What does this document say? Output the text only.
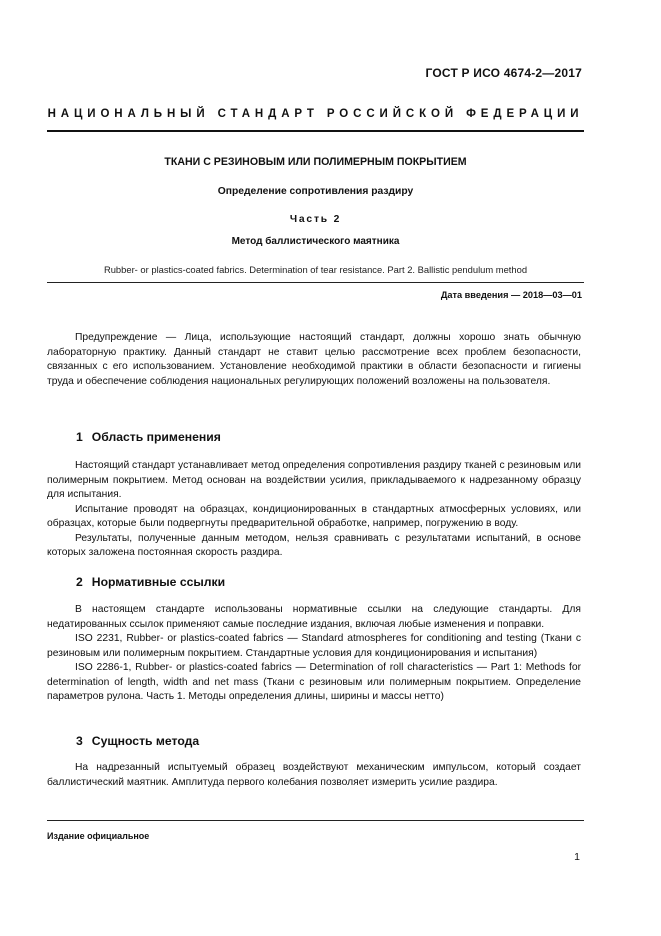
ГОСТ Р ИСО 4674-2—2017
НАЦИОНАЛЬНЫЙ СТАНДАРТ РОССИЙСКОЙ ФЕДЕРАЦИИ
ТКАНИ С РЕЗИНОВЫМ ИЛИ ПОЛИМЕРНЫМ ПОКРЫТИЕМ
Определение сопротивления раздиру
Часть 2
Метод баллистического маятника
Rubber- or plastics-coated fabrics. Determination of tear resistance. Part 2. Ballistic pendulum method
Дата введения — 2018—03—01

Предупреждение — Лица, использующие настоящий стандарт, должны хорошо знать обычную лабораторную практику. Данный стандарт не ставит целью рассмотрение всех проблем безопасности, связанных с его использованием. Установление необходимой практики в области безопасности и гигиены труда и обеспечение соблюдения национальных регулирующих положений возложены на пользователя.

1 Область применения

Настоящий стандарт устанавливает метод определения сопротивления раздиру тканей с резиновым или полимерным покрытием. Метод основан на воздействии усилия, прикладываемого к надрезанному образцу для испытания.

Испытание проводят на образцах, кондиционированных в стандартных атмосферных условиях, или образцах, которые были подвергнуты предварительной обработке, например, погружению в воду.

Результаты, полученные данным методом, нельзя сравнивать с результатами испытаний, в основе которых заложена постоянная скорость раздира.

2 Нормативные ссылки

В настоящем стандарте использованы нормативные ссылки на следующие стандарты. Для недатированных ссылок применяют самые последние издания, включая любые изменения и поправки.

ISO 2231, Rubber- or plastics-coated fabrics — Standard atmospheres for conditioning and testing (Ткани с резиновым или полимерным покрытием. Стандартные условия для кондиционирования и испытания)

ISO 2286-1, Rubber- or plastics-coated fabrics — Determination of roll characteristics — Part 1: Methods for determination of length, width and net mass (Ткани с резиновым или полимерным покрытием. Определение параметров рулона. Часть 1. Методы определения длины, ширины и массы нетто)

3 Сущность метода

На надрезанный испытуемый образец воздействуют механическим импульсом, который создает баллистический маятник. Амплитуда первого колебания позволяет измерить усилие раздира.

Издание официальное
1
